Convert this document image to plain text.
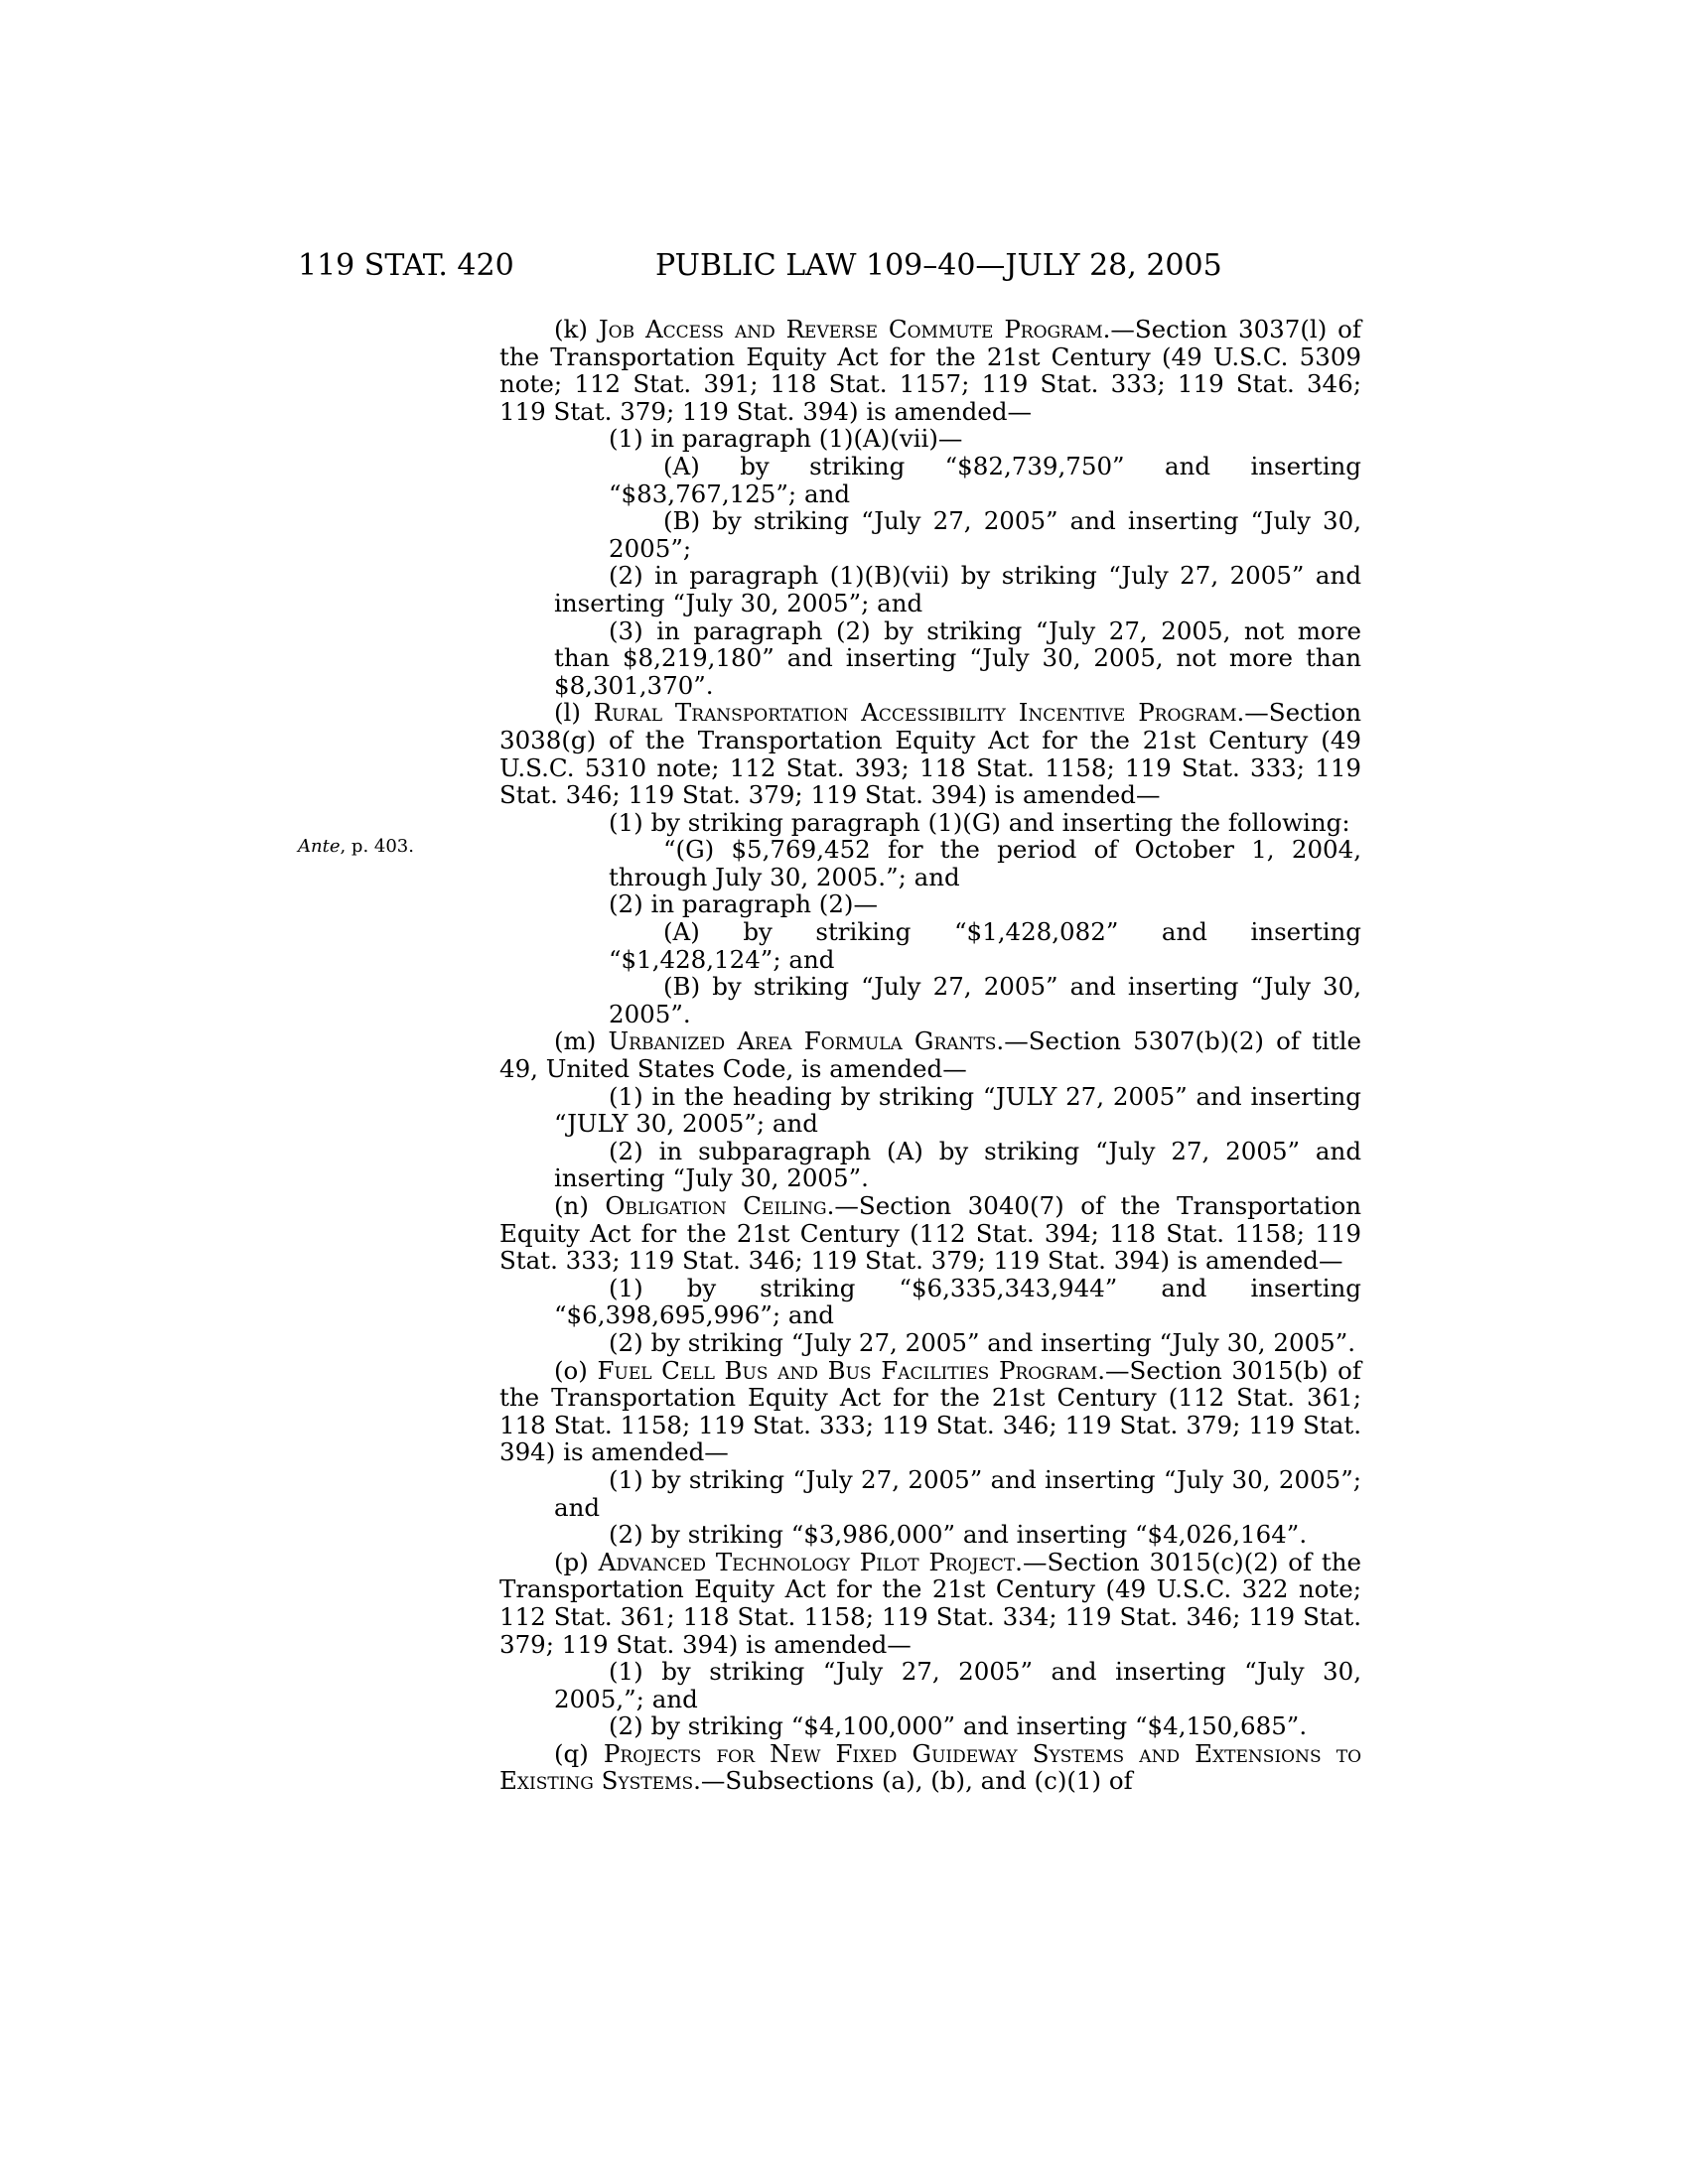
119 STAT. 420	PUBLIC LAW 109–40—JULY 28, 2005
Ante, p. 403.

(k) Job Access and Reverse Commute Program.—Section 3037(l) of the Transportation Equity Act for the 21st Century (49 U.S.C. 5309 note; 112 Stat. 391; 118 Stat. 1157; 119 Stat. 333; 119 Stat. 346; 119 Stat. 379; 119 Stat. 394) is amended—

(1) in paragraph (1)(A)(vii)—

(A) by striking “$82,739,750” and inserting “$83,767,125”; and

(B) by striking “July 27, 2005” and inserting “July 30, 2005”;

(2) in paragraph (1)(B)(vii) by striking “July 27, 2005” and inserting “July 30, 2005”; and

(3) in paragraph (2) by striking “July 27, 2005, not more than $8,219,180” and inserting “July 30, 2005, not more than $8,301,370”.

(l) Rural Transportation Accessibility Incentive Program.—Section 3038(g) of the Transportation Equity Act for the 21st Century (49 U.S.C. 5310 note; 112 Stat. 393; 118 Stat. 1158; 119 Stat. 333; 119 Stat. 346; 119 Stat. 379; 119 Stat. 394) is amended—

(1) by striking paragraph (1)(G) and inserting the following:

“(G) $5,769,452 for the period of October 1, 2004, through July 30, 2005.”; and

(2) in paragraph (2)—

(A) by striking “$1,428,082” and inserting “$1,428,124”; and

(B) by striking “July 27, 2005” and inserting “July 30, 2005”.

(m) Urbanized Area Formula Grants.—Section 5307(b)(2) of title 49, United States Code, is amended—

(1) in the heading by striking “JULY 27, 2005” and inserting “JULY 30, 2005”; and

(2) in subparagraph (A) by striking “July 27, 2005” and inserting “July 30, 2005”.

(n) Obligation Ceiling.—Section 3040(7) of the Transportation Equity Act for the 21st Century (112 Stat. 394; 118 Stat. 1158; 119 Stat. 333; 119 Stat. 346; 119 Stat. 379; 119 Stat. 394) is amended—

(1) by striking “$6,335,343,944” and inserting “$6,398,695,996”; and

(2) by striking “July 27, 2005” and inserting “July 30, 2005”.

(o) Fuel Cell Bus and Bus Facilities Program.—Section 3015(b) of the Transportation Equity Act for the 21st Century (112 Stat. 361; 118 Stat. 1158; 119 Stat. 333; 119 Stat. 346; 119 Stat. 379; 119 Stat. 394) is amended—

(1) by striking “July 27, 2005” and inserting “July 30, 2005”; and

(2) by striking “$3,986,000” and inserting “$4,026,164”.

(p) Advanced Technology Pilot Project.—Section 3015(c)(2) of the Transportation Equity Act for the 21st Century (49 U.S.C. 322 note; 112 Stat. 361; 118 Stat. 1158; 119 Stat. 334; 119 Stat. 346; 119 Stat. 379; 119 Stat. 394) is amended—

(1) by striking “July 27, 2005” and inserting “July 30, 2005,”; and

(2) by striking “$4,100,000” and inserting “$4,150,685”.

(q) Projects for New Fixed Guideway Systems and Extensions to Existing Systems.—Subsections (a), (b), and (c)(1) of
